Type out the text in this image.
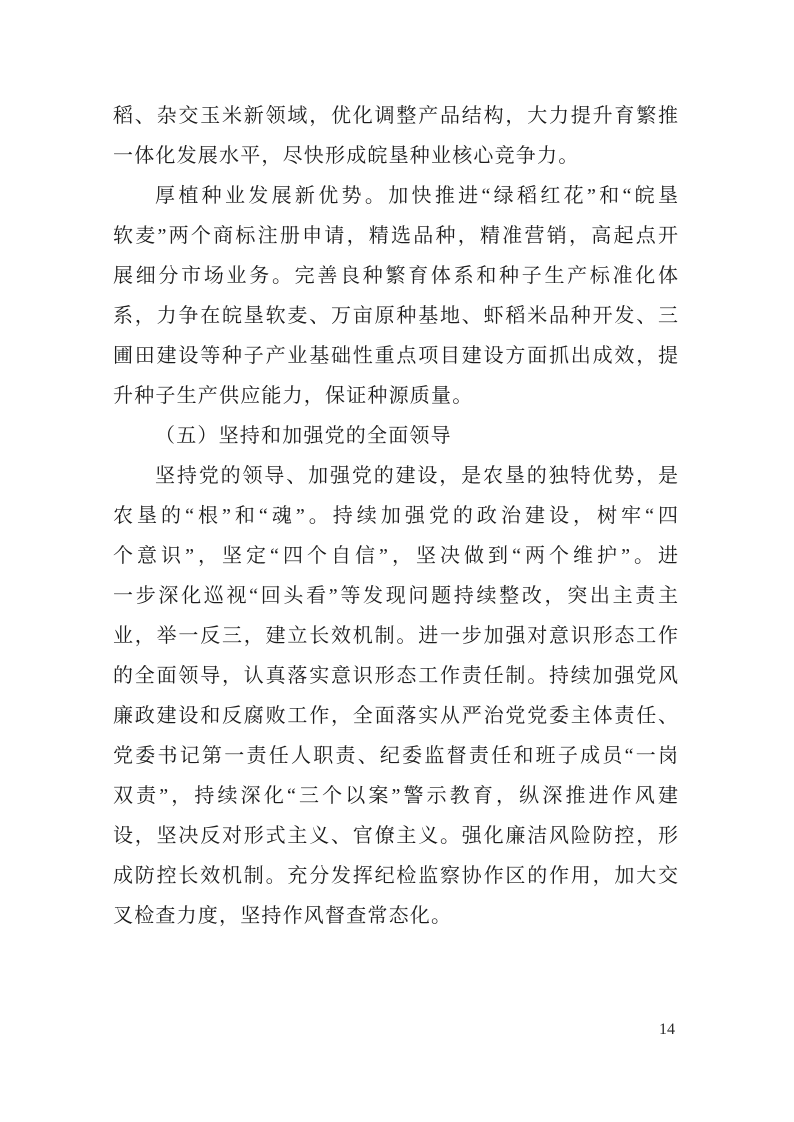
稻、杂交玉米新领域，优化调整产品结构，大力提升育繁推
一体化发展水平，尽快形成皖垦种业核心竞争力。
厚植种业发展新优势。加快推进“绿稻红花”和“皖垦
软麦”两个商标注册申请，精选品种，精准营销，高起点开
展细分市场业务。完善良种繁育体系和种子生产标准化体
系，力争在皖垦软麦、万亩原种基地、虾稻米品种开发、三
圃田建设等种子产业基础性重点项目建设方面抓出成效，提
升种子生产供应能力，保证种源质量。
（五）坚持和加强党的全面领导
坚持党的领导、加强党的建设，是农垦的独特优势，是
农垦的“根”和“魂”。持续加强党的政治建设，树牢“四
个意识”，坚定“四个自信”，坚决做到“两个维护”。进
一步深化巡视“回头看”等发现问题持续整改，突出主责主
业，举一反三，建立长效机制。进一步加强对意识形态工作
的全面领导，认真落实意识形态工作责任制。持续加强党风
廉政建设和反腐败工作，全面落实从严治党党委主体责任、
党委书记第一责任人职责、纪委监督责任和班子成员“一岗
双责”，持续深化“三个以案”警示教育，纵深推进作风建
设，坚决反对形式主义、官僚主义。强化廉洁风险防控，形
成防控长效机制。充分发挥纪检监察协作区的作用，加大交
叉检查力度，坚持作风督查常态化。
14
